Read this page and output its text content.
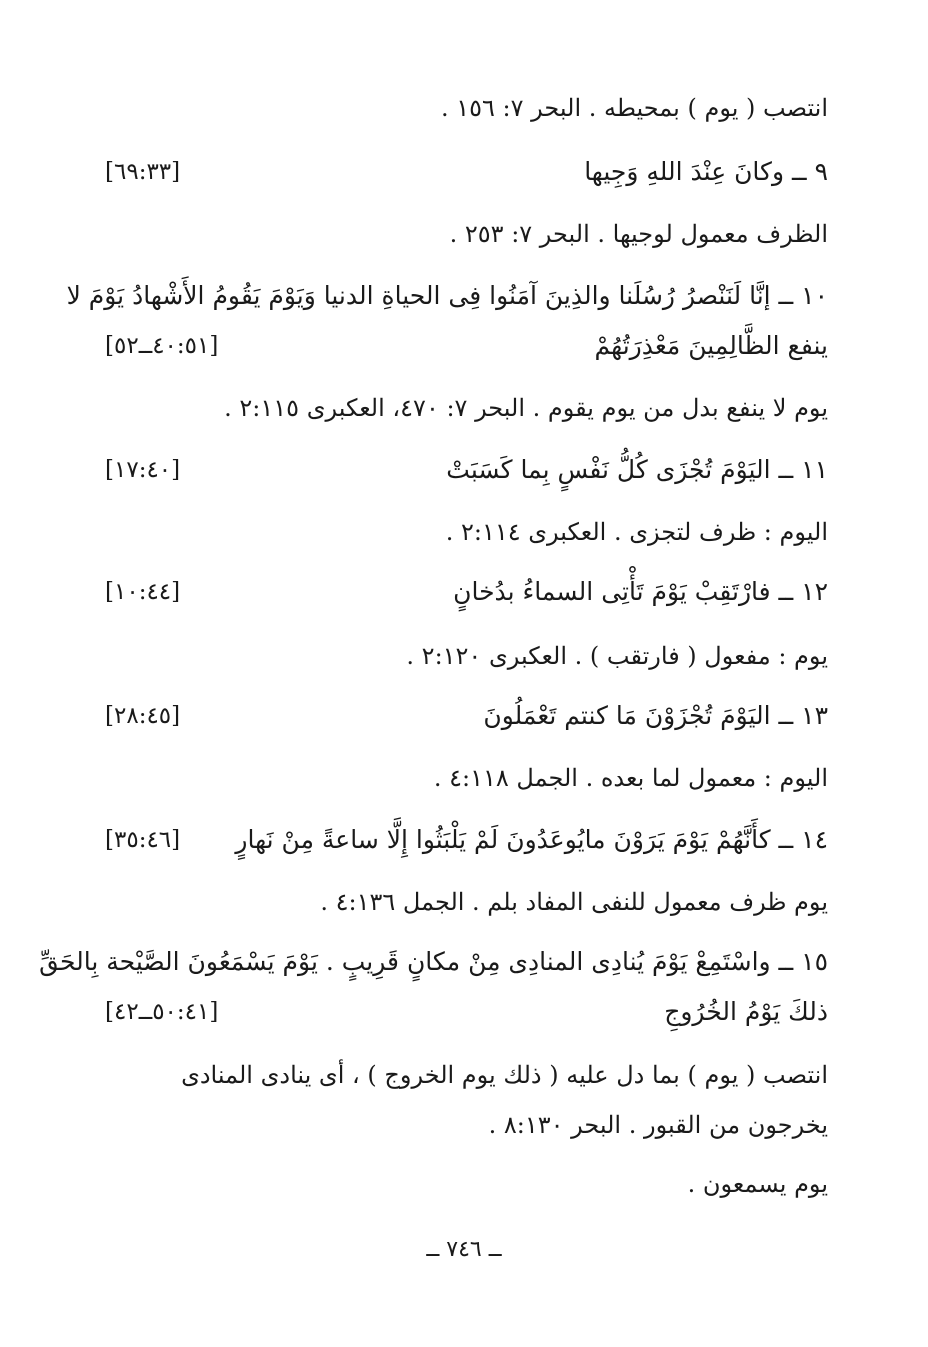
انتصب ( يوم ) بمحيطه . البحر ٧: ١٥٦ .
٩ ــ وكانَ عِنْدَ اللهِ وَجِيها
[٦٩:٣٣]
الظرف معمول لوجيها . البحر ٧: ٢٥٣ .
١٠ ــ إنَّا لَنَنْصرُ رُسُلَنا والذِينَ آمَنُوا فِى الحياةِ الدنيا وَيَوْمَ يَقُومُ الأَشْهادُ يَوْمَ لا
ينفع الظَّالِمِينَ مَعْذِرَتُهُمْ
[٤٠:٥١ــ٥٢]
يوم لا ينفع بدل من يوم يقوم . البحر ٧: ٤٧٠، العكبرى ٢:١١٥ .
١١ ــ اليَوْمَ تُجْزَى كُلُّ نَفْسٍ بِما كَسَبَتْ
[١٧:٤٠]
اليوم : ظرف لتجزى . العكبرى ٢:١١٤ .
١٢ ــ فارْتَقِبْ يَوْمَ تَأْتِى السماءُ بدُخانٍ
[١٠:٤٤]
يوم : مفعول ( فارتقب ) . العكبرى ٢:١٢٠ .
١٣ ــ اليَوْمَ تُجْزَوْنَ مَا كنتم تَعْمَلُونَ
[٢٨:٤٥]
اليوم : معمول لما بعده . الجمل ٤:١١٨ .
١٤ ــ كأَنَّهُمْ يَوْمَ يَرَوْنَ مايُوعَدُونَ لَمْ يَلْبَثُوا إِلَّا ساعةً مِنْ نَهارٍ
[٣٥:٤٦]
يوم ظرف معمول للنفى المفاد بلم . الجمل ٤:١٣٦ .
١٥ ــ واسْتَمِعْ يَوْمَ يُنادِى المنادِى مِنْ مكانٍ قَرِيبٍ . يَوْمَ يَسْمَعُونَ الصَّيْحة بِالحَقِّ
ذلكَ يَوْمُ الخُرُوجِ
[٥٠:٤١ــ٤٢]
انتصب ( يوم ) بما دل عليه ( ذلك يوم الخروج ) ، أى ينادى المنادى يخرجون من القبور . البحر ٨:١٣٠ .
يوم يسمعون .
ــ ٧٤٦ ــ
